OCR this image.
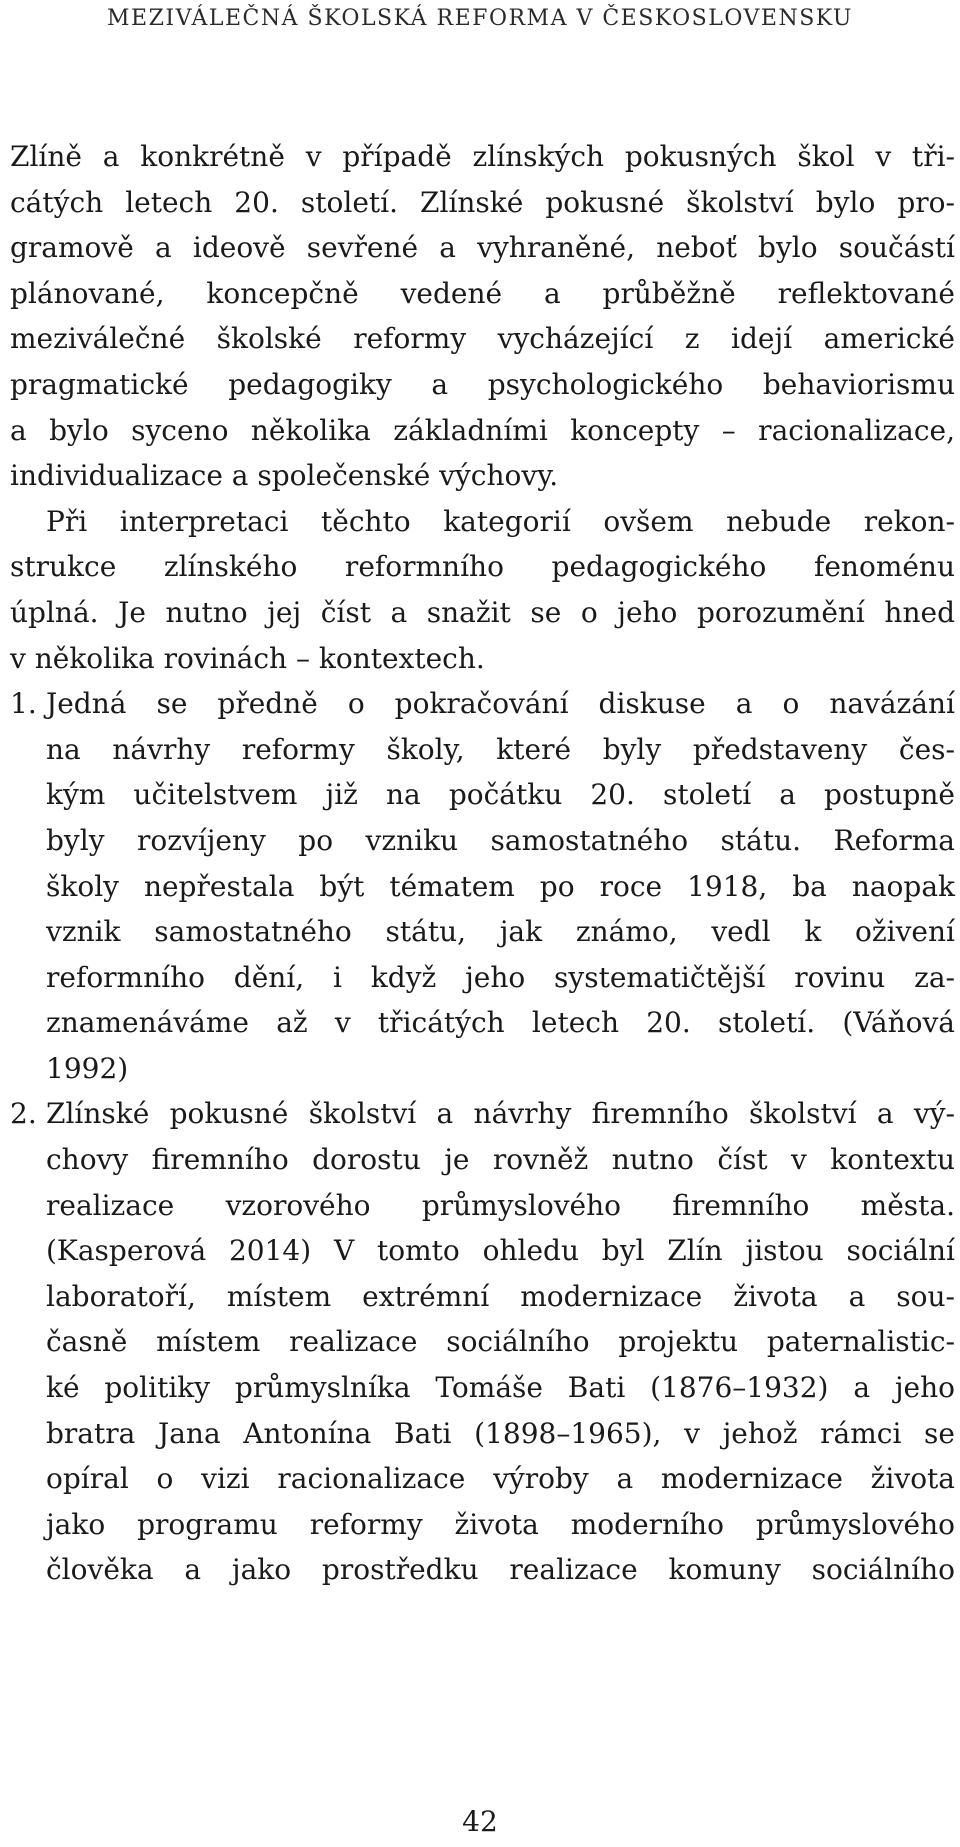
MEZIVÁLEČNÁ ŠKOLSKÁ REFORMA V ČESKOSLOVENSKU
Zlíně a konkrétně v případě zlínských pokusných škol v tři-
cátých letech 20. století. Zlínské pokusné školství bylo pro-
gramově a ideově sevřené a vyhraněné, neboť bylo součástí
plánované, koncepčně vedené a průběžně reflektované
meziválečné školské reformy vycházející z idejí americké
pragmatické pedagogiky a psychologického behaviorismu
a bylo syceno několika základními koncepty – racionalizace,
individualizace a společenské výchovy.
Při interpretaci těchto kategorií ovšem nebude rekon-
strukce zlínského reformního pedagogického fenoménu
úplná. Je nutno jej číst a snažit se o jeho porozumění hned
v několika rovinách – kontextech.
1. Jedná se předně o pokračování diskuse a o navázání
na návrhy reformy školy, které byly představeny čes-
kým učitelstvem již na počátku 20. století a postupně
byly rozvíjeny po vzniku samostatného státu. Reforma
školy nepřestala být tématem po roce 1918, ba naopak
vznik samostatného státu, jak známo, vedl k oživení
reformního dění, i když jeho systematičtější rovinu za-
znamenáváme až v třicátých letech 20. století. (Váňová
1992)
2. Zlínské pokusné školství a návrhy firemního školství a vý-
chovy firemního dorostu je rovněž nutno číst v kontextu
realizace vzorového průmyslového firemního města.
(Kasperová 2014) V tomto ohledu byl Zlín jistou sociální
laboratoří, místem extrémní modernizace života a sou-
časně místem realizace sociálního projektu paternalistic-
ké politiky průmyslníka Tomáše Bati (1876–1932) a jeho
bratra Jana Antonína Bati (1898–1965), v jehož rámci se
opíral o vizi racionalizace výroby a modernizace života
jako programu reformy života moderního průmyslového
člověka a jako prostředku realizace komuny sociálního
42
